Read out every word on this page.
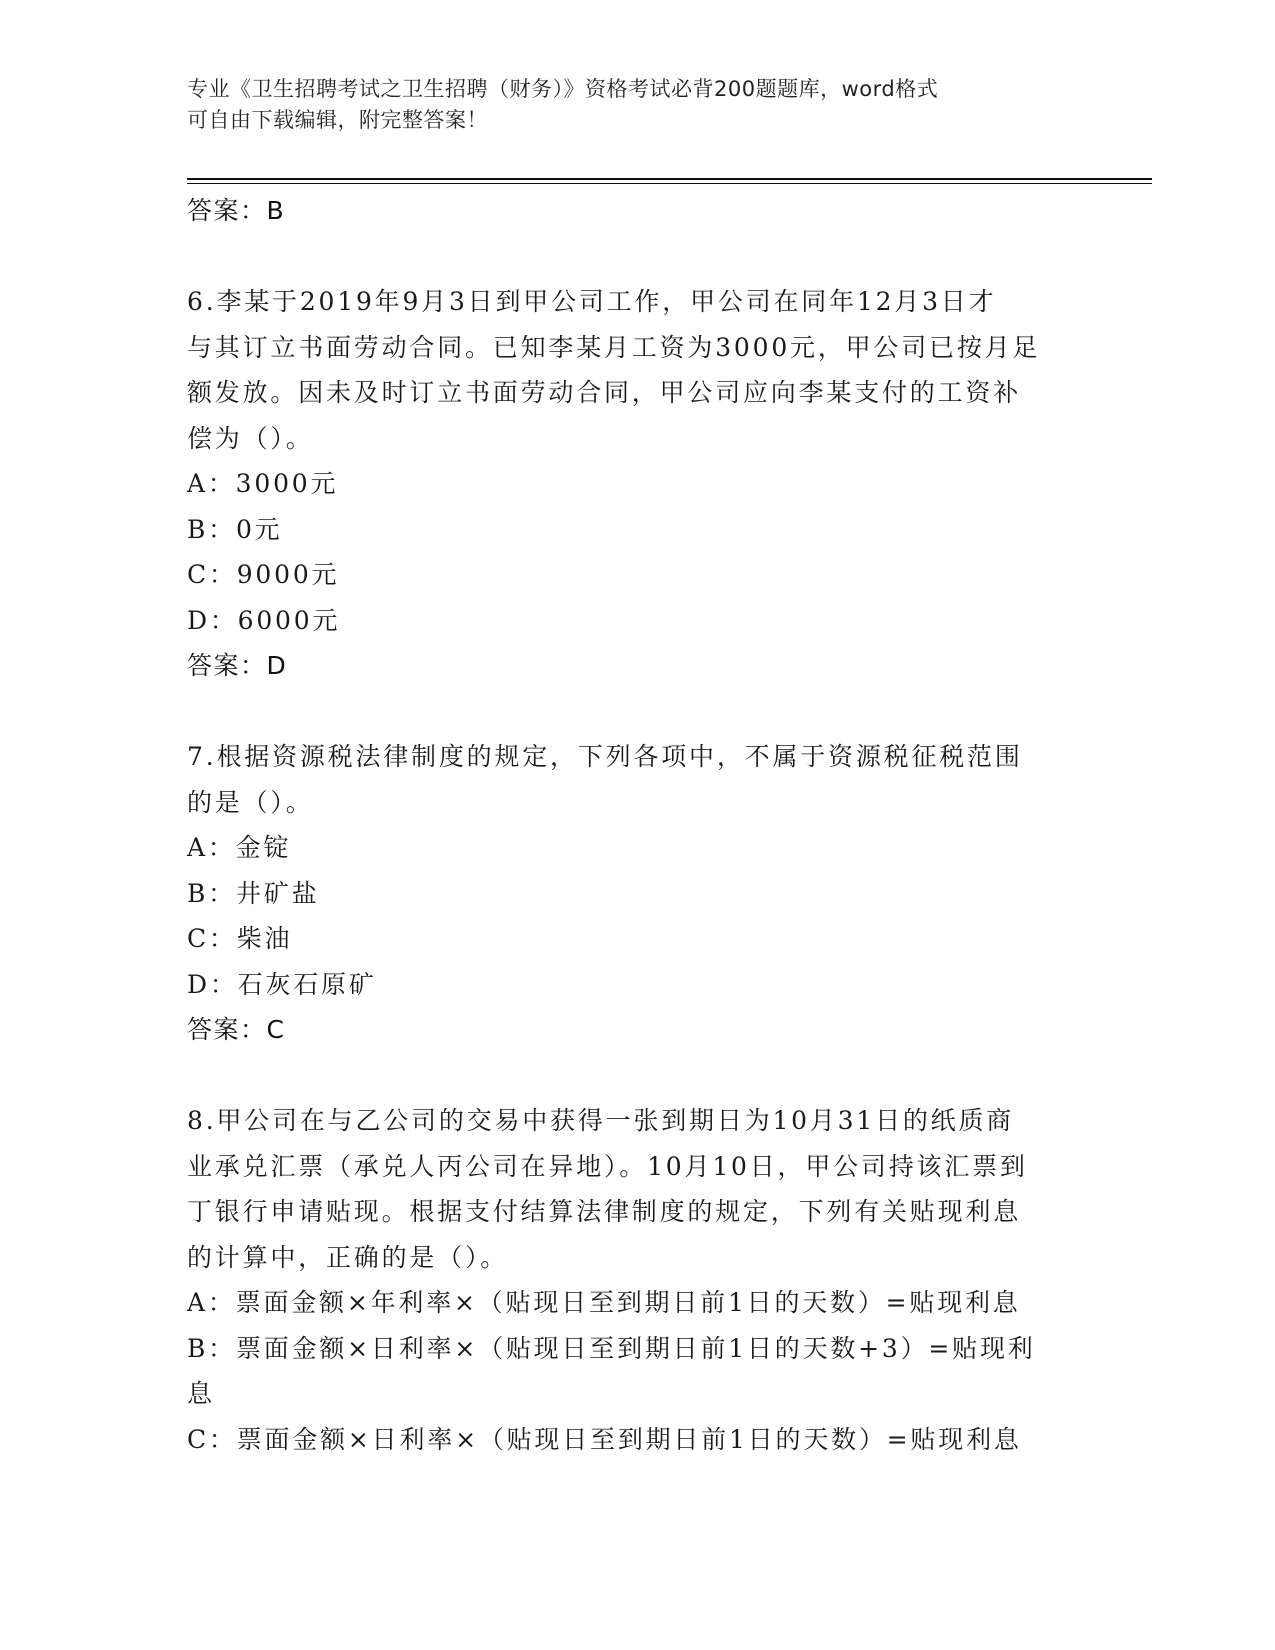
专业《卫生招聘考试之卫生招聘（财务）》资格考试必背200题题库，word格式
可自由下载编辑，附完整答案！
答案：B
6.李某于2019年9月3日到甲公司工作，甲公司在同年12月3日才
与其订立书面劳动合同。已知李某月工资为3000元，甲公司已按月足
额发放。因未及时订立书面劳动合同，甲公司应向李某支付的工资补
偿为（）。
A：3000元
B：0元
C：9000元
D：6000元
答案：D
7.根据资源税法律制度的规定，下列各项中，不属于资源税征税范围
的是（）。
A：金锭
B：井矿盐
C：柴油
D：石灰石原矿
答案：C
8.甲公司在与乙公司的交易中获得一张到期日为10月31日的纸质商
业承兑汇票（承兑人丙公司在异地）。10月10日，甲公司持该汇票到
丁银行申请贴现。根据支付结算法律制度的规定，下列有关贴现利息
的计算中，正确的是（）。
A：票面金额×年利率×（贴现日至到期日前1日的天数）=贴现利息
B：票面金额×日利率×（贴现日至到期日前1日的天数+3）=贴现利
息
C：票面金额×日利率×（贴现日至到期日前1日的天数）=贴现利息
